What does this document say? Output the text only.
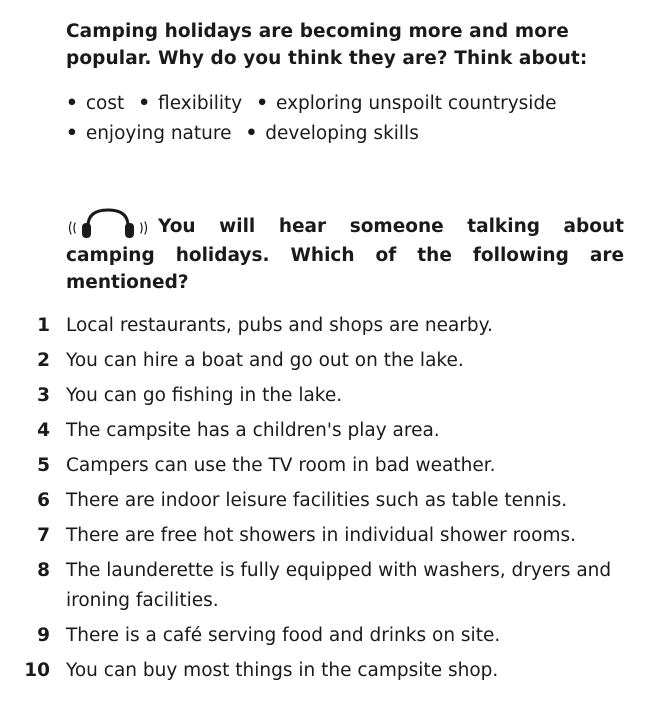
Camping holidays are becoming more and more popular. Why do you think they are? Think about:
• cost • flexibility • exploring unspoilt countryside
• enjoying nature • developing skills
You will hear someone talking about camping holidays. Which of the following are mentioned?
1 Local restaurants, pubs and shops are nearby.
2 You can hire a boat and go out on the lake.
3 You can go fishing in the lake.
4 The campsite has a children's play area.
5 Campers can use the TV room in bad weather.
6 There are indoor leisure facilities such as table tennis.
7 There are free hot showers in individual shower rooms.
8 The launderette is fully equipped with washers, dryers and ironing facilities.
9 There is a café serving food and drinks on site.
10 You can buy most things in the campsite shop.
